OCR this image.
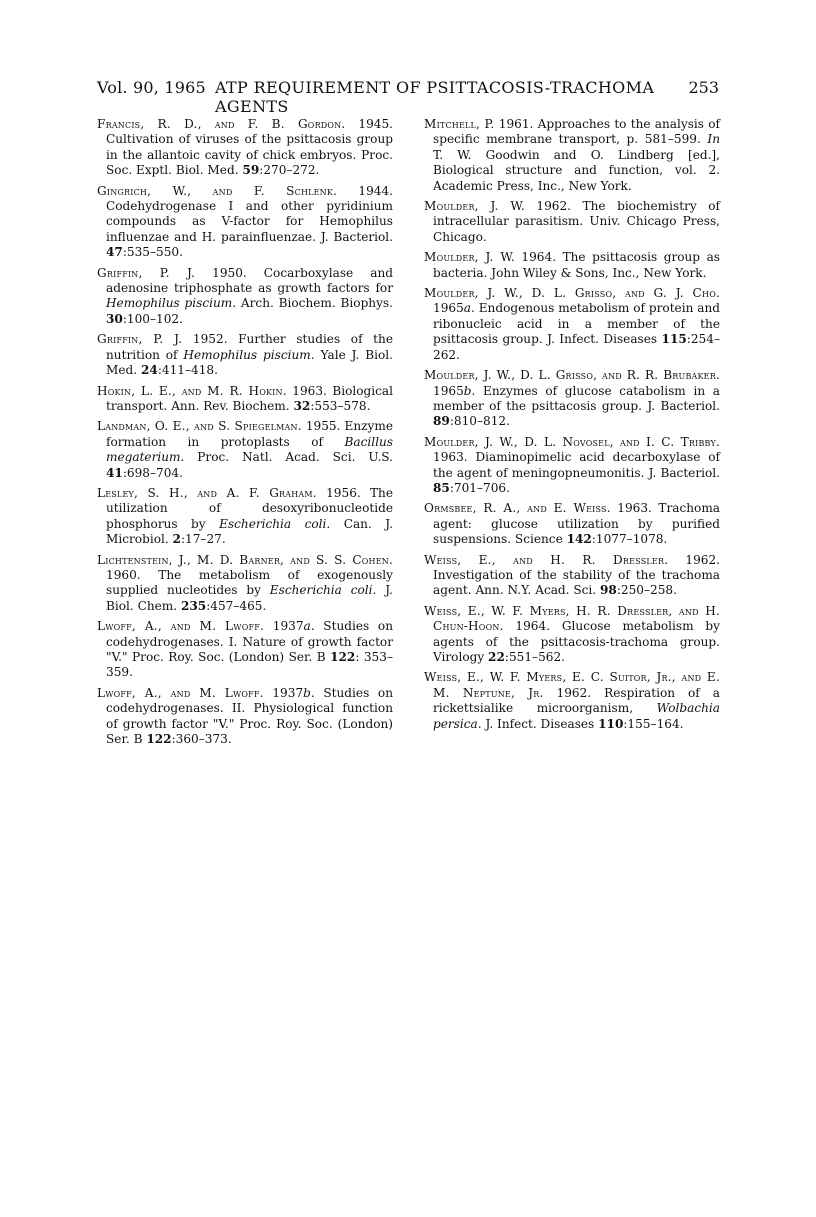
Vol. 90, 1965 ATP REQUIREMENT OF PSITTACOSIS-TRACHOMA AGENTS
253

Francis, R. D., and F. B. Gordon. 1945. Cultivation of viruses of the psittacosis group in the allantoic cavity of chick embryos. Proc. Soc. Exptl. Biol. Med. 59:270–272.

Gingrich, W., and F. Schlenk. 1944. Codehydrogenase I and other pyridinium compounds as V-factor for Hemophilus influenzae and H. parainfluenzae. J. Bacteriol. 47:535–550.

Griffin, P. J. 1950. Cocarboxylase and adenosine triphosphate as growth factors for Hemophilus piscium. Arch. Biochem. Biophys. 30:100–102.

Griffin, P. J. 1952. Further studies of the nutrition of Hemophilus piscium. Yale J. Biol. Med. 24:411–418.

Hokin, L. E., and M. R. Hokin. 1963. Biological transport. Ann. Rev. Biochem. 32:553–578.

Landman, O. E., and S. Spiegelman. 1955. Enzyme formation in protoplasts of Bacillus megaterium. Proc. Natl. Acad. Sci. U.S. 41:698–704.

Lesley, S. H., and A. F. Graham. 1956. The utilization of desoxyribonucleotide phosphorus by Escherichia coli. Can. J. Microbiol. 2:17–27.

Lichtenstein, J., M. D. Barner, and S. S. Cohen. 1960. The metabolism of exogenously supplied nucleotides by Escherichia coli. J. Biol. Chem. 235:457–465.

Lwoff, A., and M. Lwoff. 1937a. Studies on codehydrogenases. I. Nature of growth factor "V." Proc. Roy. Soc. (London) Ser. B 122: 353–359.

Lwoff, A., and M. Lwoff. 1937b. Studies on codehydrogenases. II. Physiological function of growth factor "V." Proc. Roy. Soc. (London) Ser. B 122:360–373.

Mitchell, P. 1961. Approaches to the analysis of specific membrane transport, p. 581–599. In T. W. Goodwin and O. Lindberg [ed.], Biological structure and function, vol. 2. Academic Press, Inc., New York.

Moulder, J. W. 1962. The biochemistry of intracellular parasitism. Univ. Chicago Press, Chicago.

Moulder, J. W. 1964. The psittacosis group as bacteria. John Wiley & Sons, Inc., New York.

Moulder, J. W., D. L. Grisso, and G. J. Cho. 1965a. Endogenous metabolism of protein and ribonucleic acid in a member of the psittacosis group. J. Infect. Diseases 115:254–262.

Moulder, J. W., D. L. Grisso, and R. R. Brubaker. 1965b. Enzymes of glucose catabolism in a member of the psittacosis group. J. Bacteriol. 89:810–812.

Moulder, J. W., D. L. Novosel, and I. C. Tribby. 1963. Diaminopimelic acid decarboxylase of the agent of meningopneumonitis. J. Bacteriol. 85:701–706.

Ormsbee, R. A., and E. Weiss. 1963. Trachoma agent: glucose utilization by purified suspensions. Science 142:1077–1078.

Weiss, E., and H. R. Dressler. 1962. Investigation of the stability of the trachoma agent. Ann. N.Y. Acad. Sci. 98:250–258.

Weiss, E., W. F. Myers, H. R. Dressler, and H. Chun-Hoon. 1964. Glucose metabolism by agents of the psittacosis-trachoma group. Virology 22:551–562.

Weiss, E., W. F. Myers, E. C. Suitor, Jr., and E. M. Neptune, Jr. 1962. Respiration of a rickettsialike microorganism, Wolbachia persica. J. Infect. Diseases 110:155–164.
